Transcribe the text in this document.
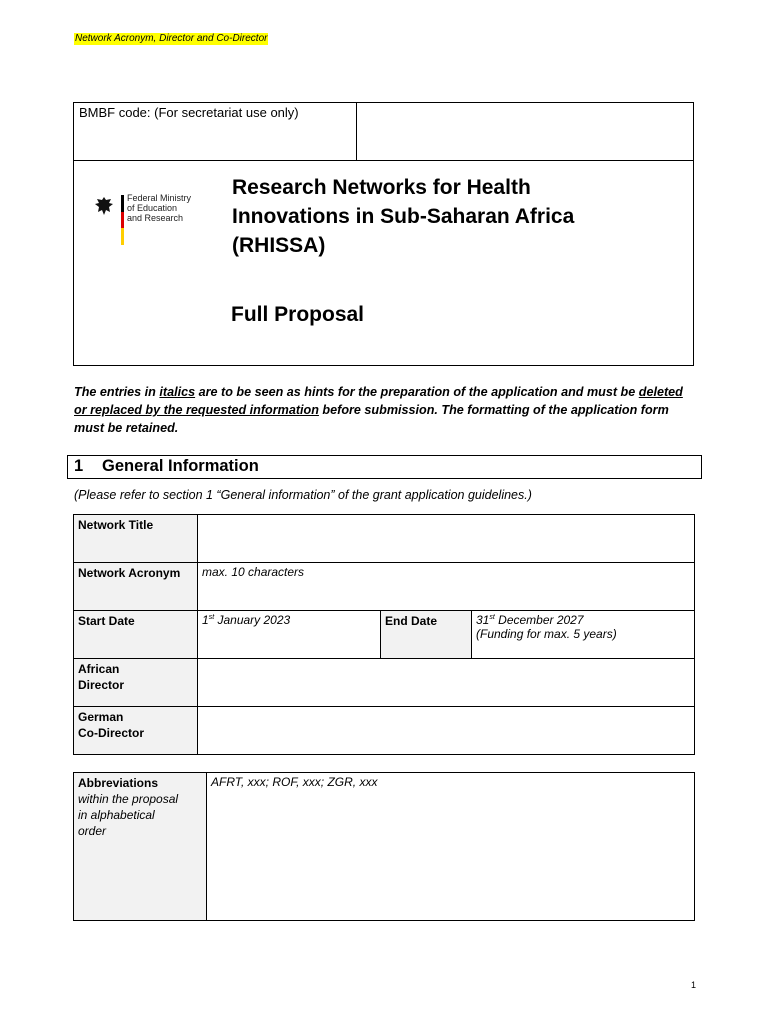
Network Acronym, Director and Co-Director
BMBF code: (For secretariat use only)
Federal Ministry
of Education
and Research
Research Networks for Health
Innovations in Sub-Saharan Africa
(RHISSA)
Full Proposal
The entries in italics are to be seen as hints for the preparation of the application and must be deleted or replaced by the requested information before submission. The formatting of the application form must be retained.
1 General Information
(Please refer to section 1 “General information” of the grant application guidelines.)
Network Title			
Network Acronym	max. 10 characters		
Start Date	1st January 2023	End Date	31st December 2027
(Funding for max. 5 years)
African
Director			
German
Co-Director			
Abbreviations
within the proposal
in alphabetical
order	AFRT, xxx; ROF, xxx; ZGR, xxx
1
